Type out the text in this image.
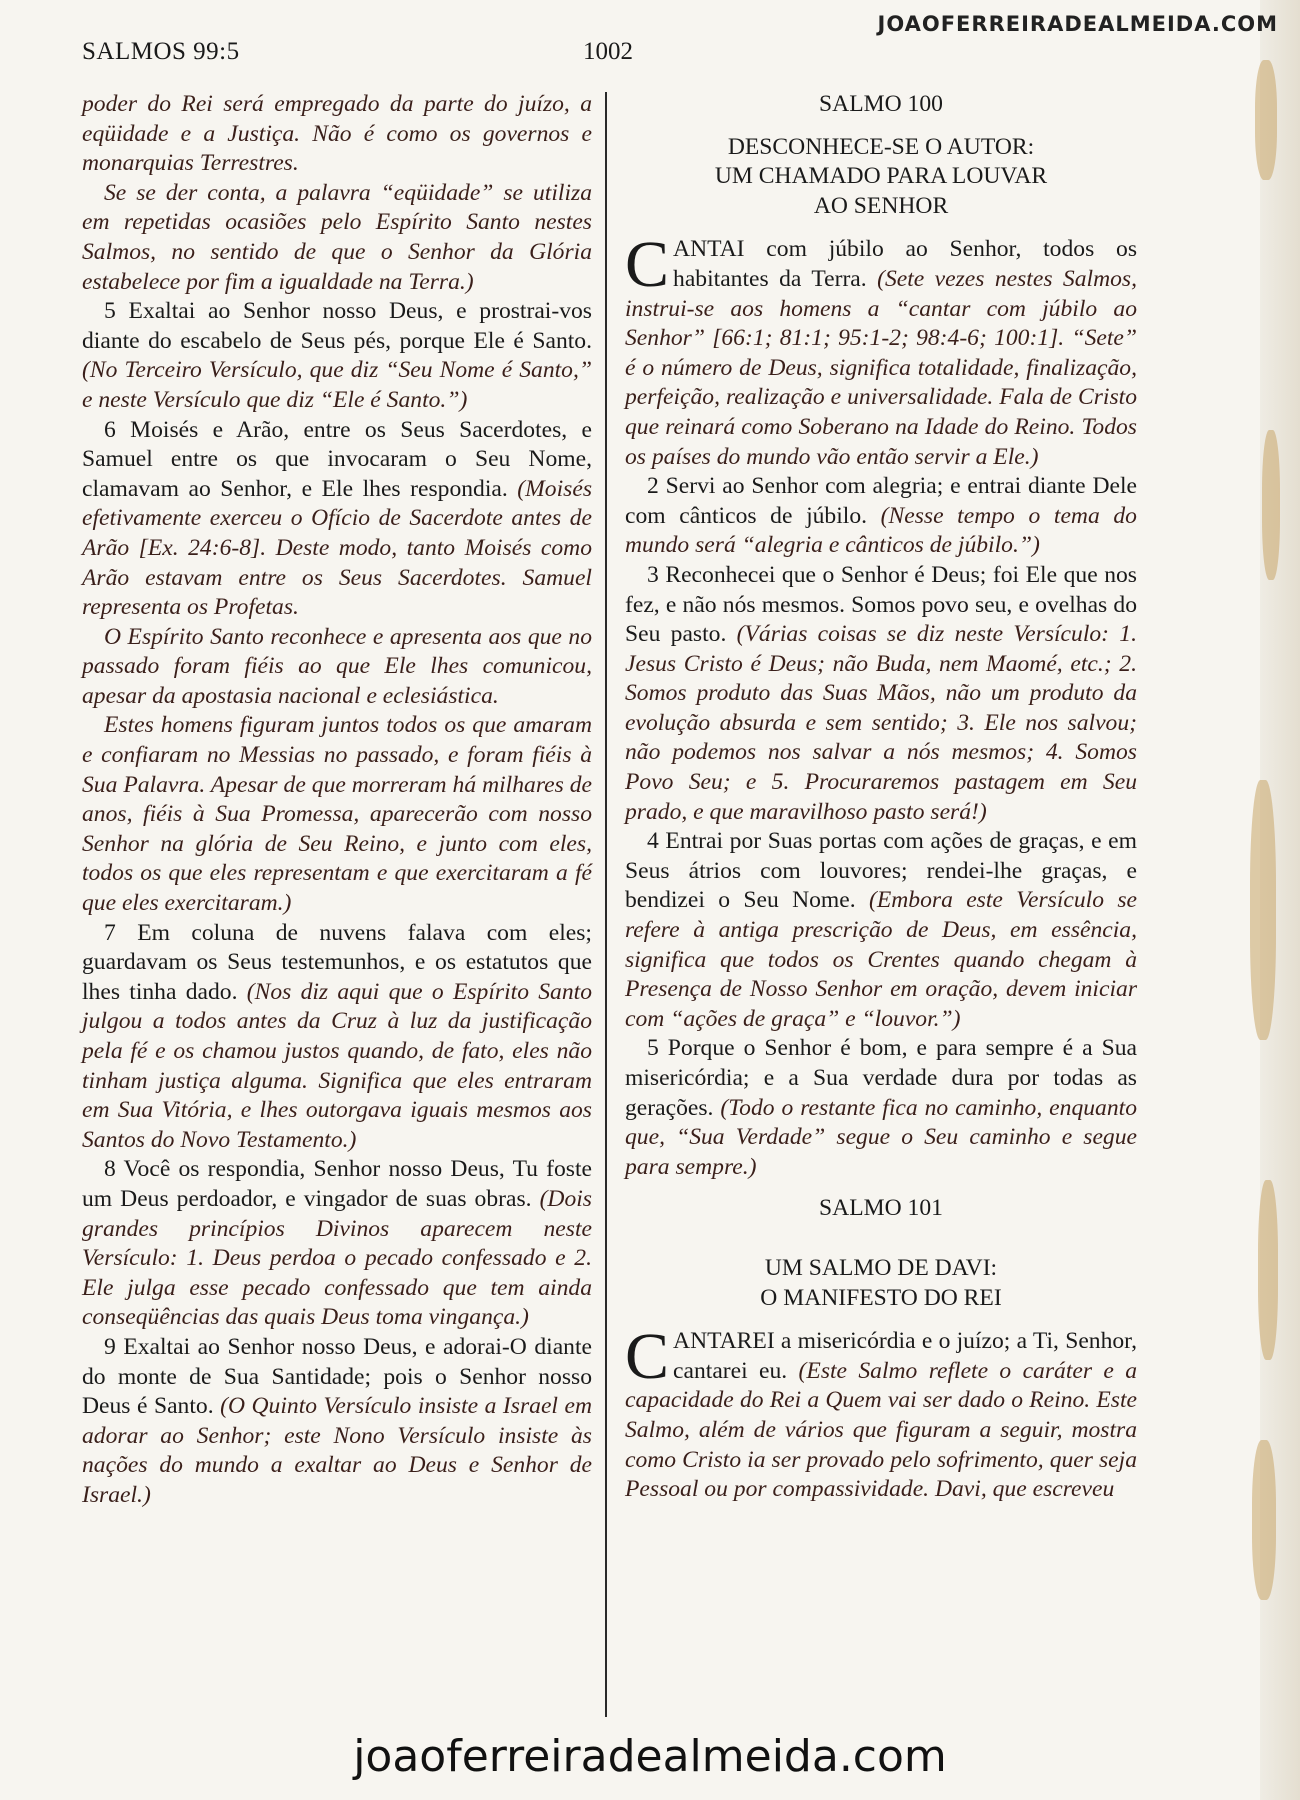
JOAOFERREIRADEALMEIDA.COM
SALMOS 99:5	1002

poder do Rei será empregado da parte do juízo, a eqüidade e a Justiça. Não é como os governos e monarquias Terrestres.

Se se der conta, a palavra “eqüidade” se utiliza em repetidas ocasiões pelo Espírito Santo nestes Salmos, no sentido de que o Senhor da Glória estabelece por fim a igualdade na Terra.)

5 Exaltai ao Senhor nosso Deus, e prostrai-vos diante do escabelo de Seus pés, porque Ele é Santo. (No Terceiro Versículo, que diz “Seu Nome é Santo,” e neste Versículo que diz “Ele é Santo.”)

6 Moisés e Arão, entre os Seus Sacerdotes, e Samuel entre os que invocaram o Seu Nome, clamavam ao Senhor, e Ele lhes respondia. (Moisés efetivamente exerceu o Ofício de Sacerdote antes de Arão [Ex. 24:6-8]. Deste modo, tanto Moisés como Arão estavam entre os Seus Sacerdotes. Samuel representa os Profetas.

O Espírito Santo reconhece e apresenta aos que no passado foram fiéis ao que Ele lhes comunicou, apesar da apostasia nacional e eclesiástica.

Estes homens figuram juntos todos os que amaram e confiaram no Messias no passado, e foram fiéis à Sua Palavra. Apesar de que morreram há milhares de anos, fiéis à Sua Promessa, aparecerão com nosso Senhor na glória de Seu Reino, e junto com eles, todos os que eles representam e que exercitaram a fé que eles exercitaram.)

7 Em coluna de nuvens falava com eles; guardavam os Seus testemunhos, e os estatutos que lhes tinha dado. (Nos diz aqui que o Espírito Santo julgou a todos antes da Cruz à luz da justificação pela fé e os chamou justos quando, de fato, eles não tinham justiça alguma. Significa que eles entraram em Sua Vitória, e lhes outorgava iguais mesmos aos Santos do Novo Testamento.)

8 Você os respondia, Senhor nosso Deus, Tu foste um Deus perdoador, e vingador de suas obras. (Dois grandes princípios Divinos aparecem neste Versículo: 1. Deus perdoa o pecado confessado e 2. Ele julga esse pecado confessado que tem ainda conseqüências das quais Deus toma vingança.)

9 Exaltai ao Senhor nosso Deus, e adorai-O diante do monte de Sua Santidade; pois o Senhor nosso Deus é Santo. (O Quinto Versículo insiste a Israel em adorar ao Senhor; este Nono Versículo insiste às nações do mundo a exaltar ao Deus e Senhor de Israel.)

SALMO 100

DESCONHECE-SE O AUTOR:

UM CHAMADO PARA LOUVAR

AO SENHOR

CANTAI com júbilo ao Senhor, todos os habitantes da Terra. (Sete vezes nestes Salmos, instrui-se aos homens a “cantar com júbilo ao Senhor” [66:1; 81:1; 95:1-2; 98:4-6; 100:1]. “Sete” é o número de Deus, significa totalidade, finalização, perfeição, realização e universalidade. Fala de Cristo que reinará como Soberano na Idade do Reino. Todos os países do mundo vão então servir a Ele.)

2 Servi ao Senhor com alegria; e entrai diante Dele com cânticos de júbilo. (Nesse tempo o tema do mundo será “alegria e cânticos de júbilo.”)

3 Reconhecei que o Senhor é Deus; foi Ele que nos fez, e não nós mesmos. Somos povo seu, e ovelhas do Seu pasto. (Várias coisas se diz neste Versículo: 1. Jesus Cristo é Deus; não Buda, nem Maomé, etc.; 2. Somos produto das Suas Mãos, não um produto da evolução absurda e sem sentido; 3. Ele nos salvou; não podemos nos salvar a nós mesmos; 4. Somos Povo Seu; e 5. Procuraremos pastagem em Seu prado, e que maravilhoso pasto será!)

4 Entrai por Suas portas com ações de graças, e em Seus átrios com louvores; rendei-lhe graças, e bendizei o Seu Nome. (Embora este Versículo se refere à antiga prescrição de Deus, em essência, significa que todos os Crentes quando chegam à Presença de Nosso Senhor em oração, devem iniciar com “ações de graça” e “louvor.”)

5 Porque o Senhor é bom, e para sempre é a Sua misericórdia; e a Sua verdade dura por todas as gerações. (Todo o restante fica no caminho, enquanto que, “Sua Verdade” segue o Seu caminho e segue para sempre.)

SALMO 101

UM SALMO DE DAVI:

O MANIFESTO DO REI

CANTAREI a misericórdia e o juízo; a Ti, Senhor, cantarei eu. (Este Salmo reflete o caráter e a capacidade do Rei a Quem vai ser dado o Reino. Este Salmo, além de vários que figuram a seguir, mostra como Cristo ia ser provado pelo sofrimento, quer seja Pessoal ou por compassividade. Davi, que escreveu

joaoferreiradealmeida.com
